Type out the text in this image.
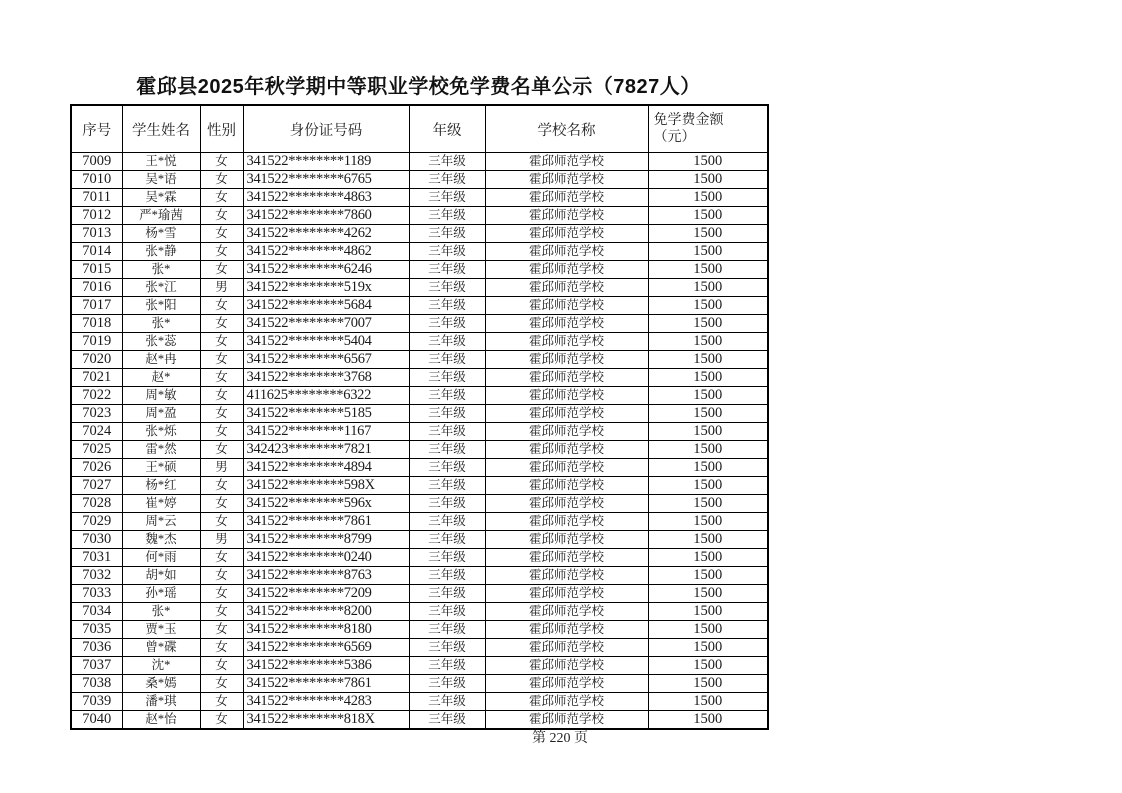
霍邱县2025年秋学期中等职业学校免学费名单公示（7827人）
序号	学生姓名	性别	身份证号码	年级	学校名称	免学费金额
（元）

7009	王*悦	女	341522********1189	三年级	霍邱师范学校	1500
7010	吴*语	女	341522********6765	三年级	霍邱师范学校	1500
7011	吴*霖	女	341522********4863	三年级	霍邱师范学校	1500
7012	严*瑜茜	女	341522********7860	三年级	霍邱师范学校	1500
7013	杨*雪	女	341522********4262	三年级	霍邱师范学校	1500
7014	张*静	女	341522********4862	三年级	霍邱师范学校	1500
7015	张*	女	341522********6246	三年级	霍邱师范学校	1500
7016	张*江	男	341522********519x	三年级	霍邱师范学校	1500
7017	张*阳	女	341522********5684	三年级	霍邱师范学校	1500
7018	张*	女	341522********7007	三年级	霍邱师范学校	1500
7019	张*蕊	女	341522********5404	三年级	霍邱师范学校	1500
7020	赵*冉	女	341522********6567	三年级	霍邱师范学校	1500
7021	赵*	女	341522********3768	三年级	霍邱师范学校	1500
7022	周*敏	女	411625********6322	三年级	霍邱师范学校	1500
7023	周*盈	女	341522********5185	三年级	霍邱师范学校	1500
7024	张*烁	女	341522********1167	三年级	霍邱师范学校	1500
7025	雷*然	女	342423********7821	三年级	霍邱师范学校	1500
7026	王*硕	男	341522********4894	三年级	霍邱师范学校	1500
7027	杨*红	女	341522********598X	三年级	霍邱师范学校	1500
7028	崔*婷	女	341522********596x	三年级	霍邱师范学校	1500
7029	周*云	女	341522********7861	三年级	霍邱师范学校	1500
7030	魏*杰	男	341522********8799	三年级	霍邱师范学校	1500
7031	何*雨	女	341522********0240	三年级	霍邱师范学校	1500
7032	胡*如	女	341522********8763	三年级	霍邱师范学校	1500
7033	孙*瑶	女	341522********7209	三年级	霍邱师范学校	1500
7034	张*	女	341522********8200	三年级	霍邱师范学校	1500
7035	贾*玉	女	341522********8180	三年级	霍邱师范学校	1500
7036	曾*碟	女	341522********6569	三年级	霍邱师范学校	1500
7037	沈*	女	341522********5386	三年级	霍邱师范学校	1500
7038	桑*嫣	女	341522********7861	三年级	霍邱师范学校	1500
7039	潘*琪	女	341522********4283	三年级	霍邱师范学校	1500
7040	赵*怡	女	341522********818X	三年级	霍邱师范学校	1500
第 220 页
